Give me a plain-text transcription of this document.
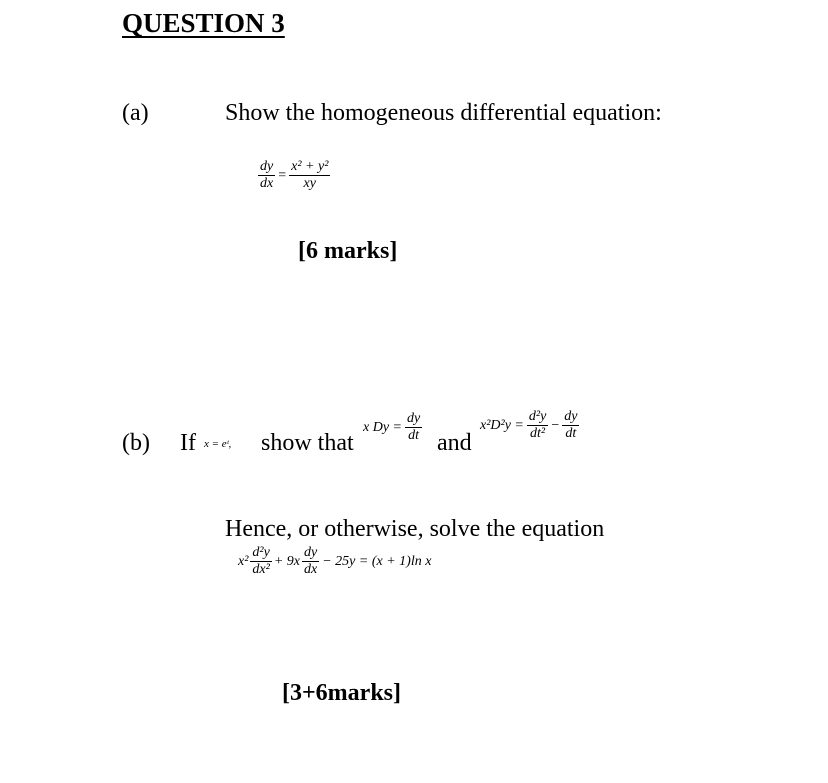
QUESTION 3
(a)	Show the homogeneous differential equation:
$\frac{dy}{dx} = \frac{\text{x² + y²}}{xy}$
[6 marks]
(b) If x = eᵗ, show that
x $Dy = \frac{dy}{dt}$ and
$x^2D^2y = \frac{\text{d²y}}{\text{dt²}} - \frac{dy}{dt}$
Hence, or otherwise, solve the equation
$x^2 \frac{\text{d²y}}{\text{dx²}} + 9x \frac{dy}{dx} - 25y = (x + 1)\ln$ x
[3+6marks]
